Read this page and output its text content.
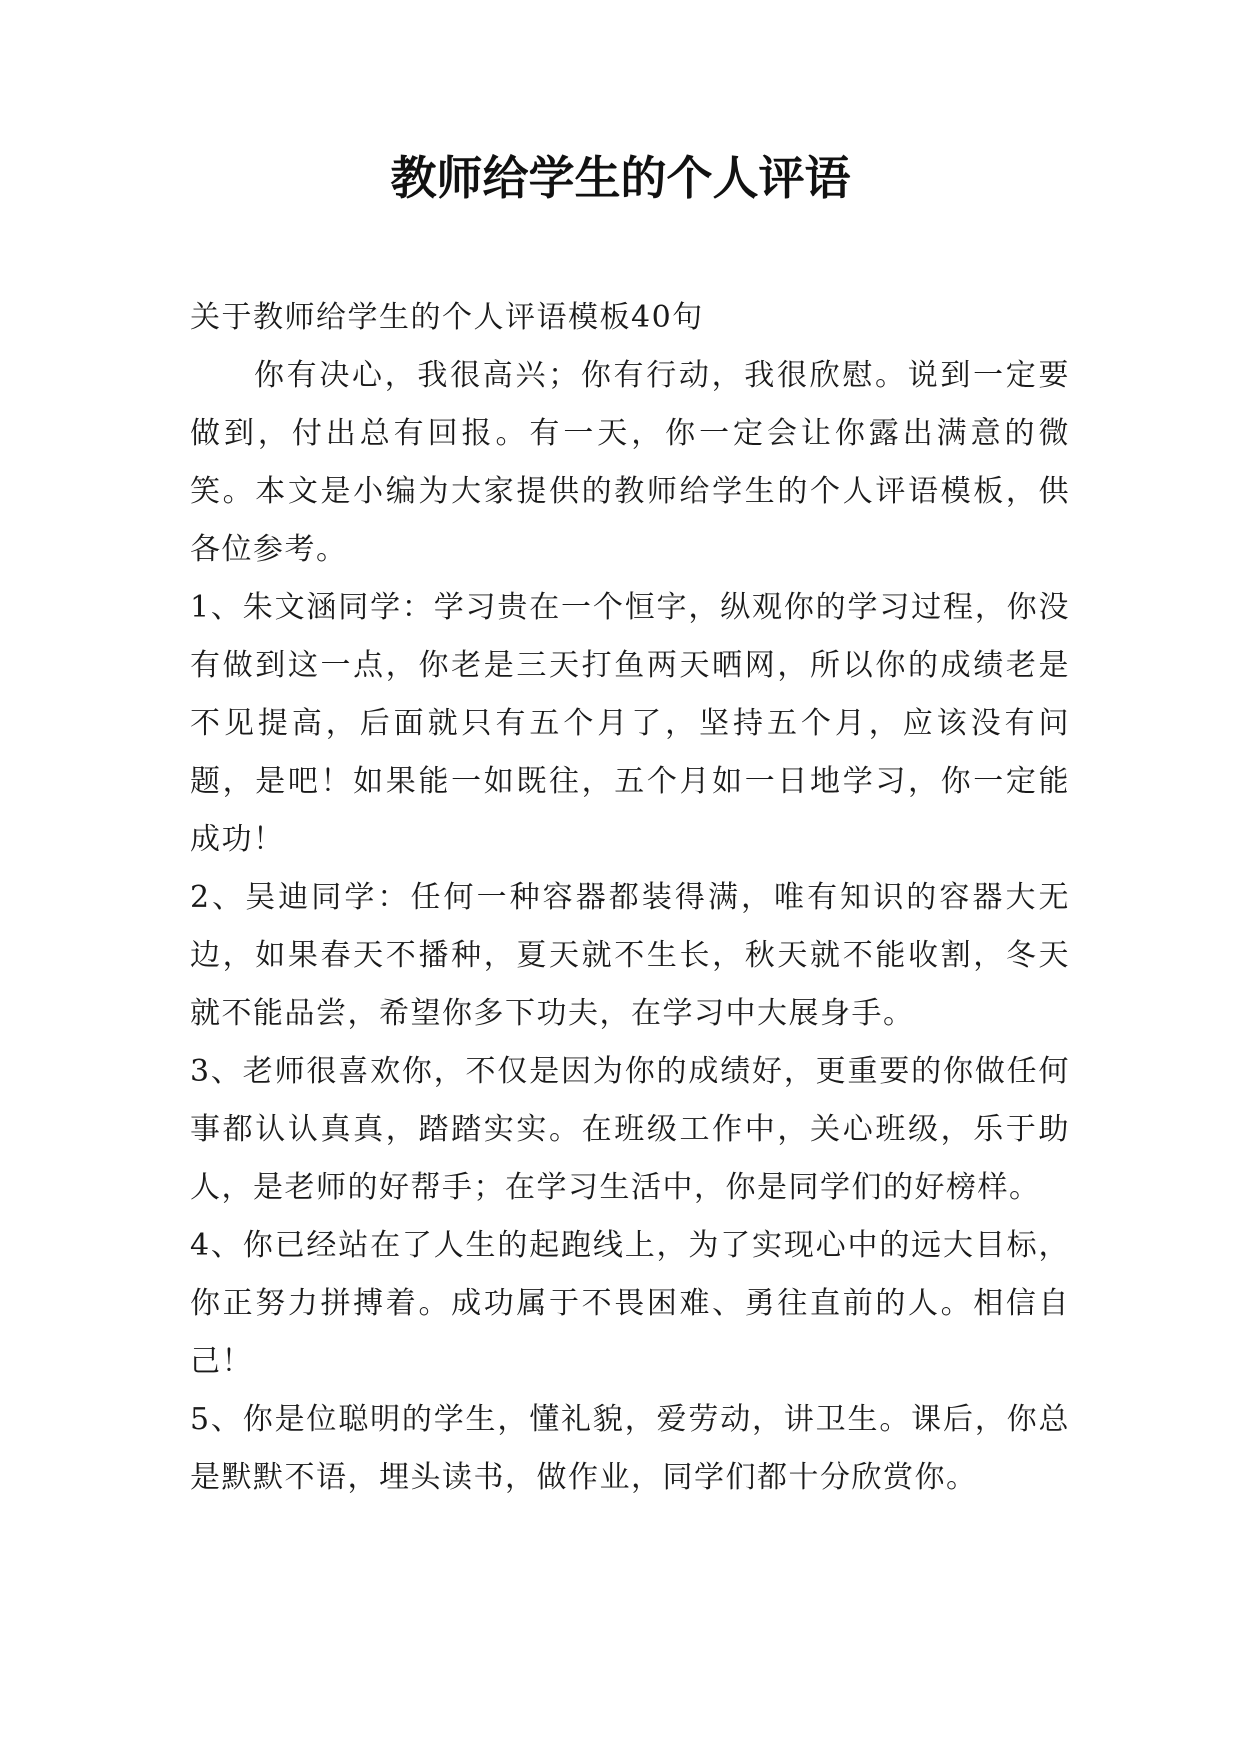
教师给学生的个人评语

关于教师给学生的个人评语模板40句

你有决心，我很高兴；你有行动，我很欣慰。说到一定要做到，付出总有回报。有一天，你一定会让你露出满意的微笑。本文是小编为大家提供的教师给学生的个人评语模板，供各位参考。

1、朱文涵同学：学习贵在一个恒字，纵观你的学习过程，你没有做到这一点，你老是三天打鱼两天晒网，所以你的成绩老是不见提高，后面就只有五个月了，坚持五个月，应该没有问题，是吧！如果能一如既往，五个月如一日地学习，你一定能成功！

2、吴迪同学：任何一种容器都装得满，唯有知识的容器大无边，如果春天不播种，夏天就不生长，秋天就不能收割，冬天就不能品尝，希望你多下功夫，在学习中大展身手。

3、老师很喜欢你，不仅是因为你的成绩好，更重要的你做任何事都认认真真，踏踏实实。在班级工作中，关心班级，乐于助人，是老师的好帮手；在学习生活中，你是同学们的好榜样。

4、你已经站在了人生的起跑线上，为了实现心中的远大目标，你正努力拼搏着。成功属于不畏困难、勇往直前的人。相信自己！

5、你是位聪明的学生，懂礼貌，爱劳动，讲卫生。课后，你总是默默不语，埋头读书，做作业，同学们都十分欣赏你。
